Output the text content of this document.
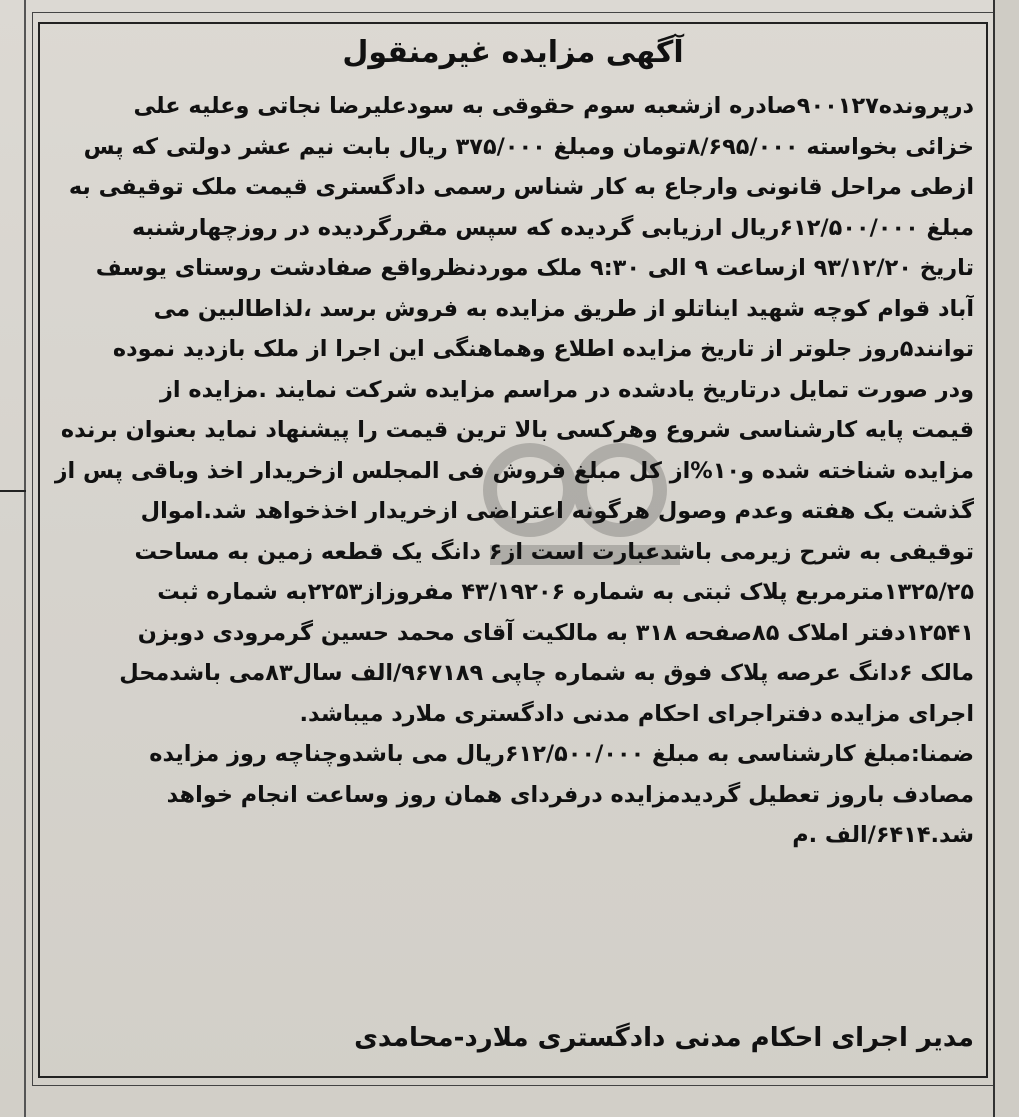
آگهی مزایده غیرمنقول
درپرونده۹۰۰۱۲۷صادره ازشعبه سوم حقوقی به سودعلیرضا نجاتی وعلیه علی
خزائی بخواسته ۸/۶۹۵/۰۰۰تومان ومبلغ ۳۷۵/۰۰۰ ریال بابت نیم عشر دولتی که پس
ازطی مراحل قانونی وارجاع به کار شناس رسمی دادگستری قیمت ملک توقیفی به
مبلغ ۶۱۲/۵۰۰/۰۰۰ریال ارزیابی گردیده که سپس مقررگردیده در روزچهارشنبه
تاریخ ۹۳/۱۲/۲۰ ازساعت ۹ الی ۹:۳۰ ملک موردنظرواقع صفادشت روستای یوسف
آباد قوام کوچه شهید ایناتلو از طریق مزایده به فروش برسد ،لذاطالبین می
توانند۵روز جلوتر از تاریخ مزایده اطلاع وهماهنگی این اجرا از ملک بازدید نموده
ودر صورت تمایل درتاریخ یادشده در مراسم مزایده شرکت نمایند .مزایده از
قیمت پایه کارشناسی شروع وهرکسی بالا ترین قیمت را پیشنهاد نماید بعنوان برنده
مزایده شناخته شده و۱۰%از کل مبلغ فروش فی المجلس ازخریدار اخذ وباقی پس از
گذشت یک هفته وعدم وصول هرگونه اعتراضی ازخریدار اخذخواهد شد.اموال
توقیفی به شرح زیرمی باشدعبارت است از۶ دانگ یک قطعه زمین به مساحت
۱۳۲۵/۲۵مترمربع پلاک ثبتی به شماره ۴۳/۱۹۲۰۶ مفروزاز۲۲۵۳به شماره ثبت
۱۲۵۴۱دفتر املاک ۸۵صفحه ۳۱۸ به مالکیت آقای محمد حسین گرمرودی دوبزن
مالک ۶دانگ عرصه پلاک فوق به شماره چاپی ۹۶۷۱۸۹/الف سال۸۳می باشدمحل
اجرای مزایده دفتراجرای احکام مدنی دادگستری ملارد میباشد.
ضمنا:مبلغ کارشناسی به مبلغ ۶۱۲/۵۰۰/۰۰۰ریال می باشدوچناچه روز مزایده
مصادف باروز تعطیل گردیدمزایده درفردای همان روز وساعت انجام خواهد
شد.۶۴۱۴/الف .م
مدیر اجرای احکام مدنی دادگستری ملارد-محامدی
